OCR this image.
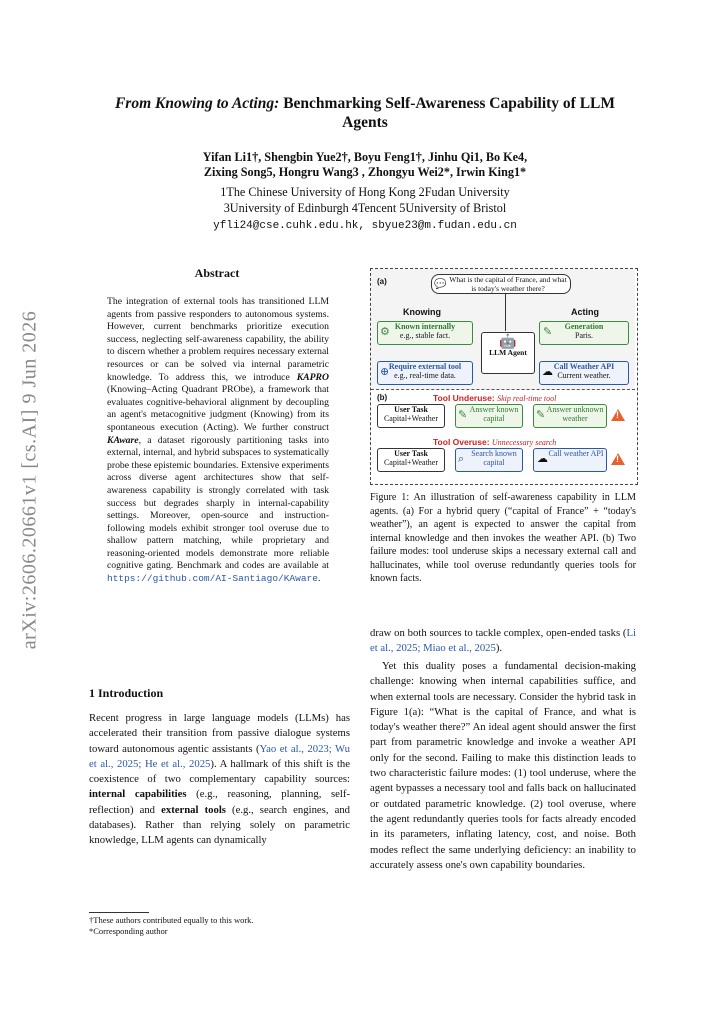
arXiv:2606.20661v1 [cs.AI] 9 Jun 2026
From Knowing to Acting: Benchmarking Self-Awareness Capability of LLM Agents
Yifan Li1†, Shengbin Yue2†, Boyu Feng1†, Jinhu Qi1, Bo Ke4,
Zixing Song5, Hongru Wang3 , Zhongyu Wei2*, Irwin King1*
1The Chinese University of Hong Kong 2Fudan University
3University of Edinburgh 4Tencent 5University of Bristol
yfli24@cse.cuhk.edu.hk, sbyue23@m.fudan.edu.cn
Abstract
The integration of external tools has transitioned LLM agents from passive responders to autonomous systems. However, current benchmarks prioritize execution success, neglecting self-awareness capability, the ability to discern whether a problem requires necessary external resources or can be solved via internal parametric knowledge. To address this, we introduce KAPRO (Knowing–Acting Quadrant PRObe), a framework that evaluates cognitive-behavioral alignment by decoupling an agent's metacognitive judgment (Knowing) from its spontaneous execution (Acting). We further construct KAware, a dataset rigorously partitioning tasks into external, internal, and hybrid subspaces to systematically probe these epistemic boundaries. Extensive experiments across diverse agent architectures show that self-awareness capability is strongly correlated with task success but degrades sharply in internal-capability settings. Moreover, open-source and instruction-following models exhibit stronger tool overuse due to shallow pattern matching, while proprietary and reasoning-oriented models demonstrate more reliable cognitive gating. Benchmark and codes are available at https://github.com/AI-Santiago/KAware.
1 Introduction
Recent progress in large language models (LLMs) has accelerated their transition from passive dialogue systems toward autonomous agentic assistants (Yao et al., 2023; Wu et al., 2025; He et al., 2025). A hallmark of this shift is the coexistence of two complementary capability sources: internal capabilities (e.g., reasoning, planning, self-reflection) and external tools (e.g., search engines, and databases). Rather than relying solely on parametric knowledge, LLM agents can dynamically
†These authors contributed equally to this work.
*Corresponding author
(a)	💬 What is the capital of France, and what is today's weather there?
Knowing	Acting
⚙ Known internally
e.g., stable fact.
⊕ Require external tool
e.g., real-time data.
🤖
LLM Agent
✎	Generation
Paris.
☁ Call Weather API
Current weather.
(b)	Tool Underuse: Skip real-time tool
User Task
Capital+Weather	✎ Answer known capital	✎ Answer unknown weather	!
Tool Overuse: Unnecessary search
User Task
Capital+Weather	⌕ Search known capital	☁ Call weather API
!
Figure 1: An illustration of self-awareness capability in LLM agents. (a) For a hybrid query (“capital of France” + “today's weather”), an agent is expected to answer the capital from internal knowledge and then invokes the weather API. (b) Two failure modes: tool underuse skips a necessary external call and hallucinates, while tool overuse redundantly queries tools for known facts.
draw on both sources to tackle complex, open-ended tasks (Li et al., 2025; Miao et al., 2025).
Yet this duality poses a fundamental decision-making challenge: knowing when internal capabilities suffice, and when external tools are necessary. Consider the hybrid task in Figure 1(a): “What is the capital of France, and what is today's weather there?” An ideal agent should answer the first part from parametric knowledge and invoke a weather API only for the second. Failing to make this distinction leads to two characteristic failure modes: (1) tool underuse, where the agent bypasses a necessary tool and falls back on hallucinated or outdated parametric knowledge. (2) tool overuse, where the agent redundantly queries tools for facts already encoded in its parameters, inflating latency, cost, and noise. Both modes reflect the same underlying deficiency: an inability to accurately assess one's own capability boundaries.
